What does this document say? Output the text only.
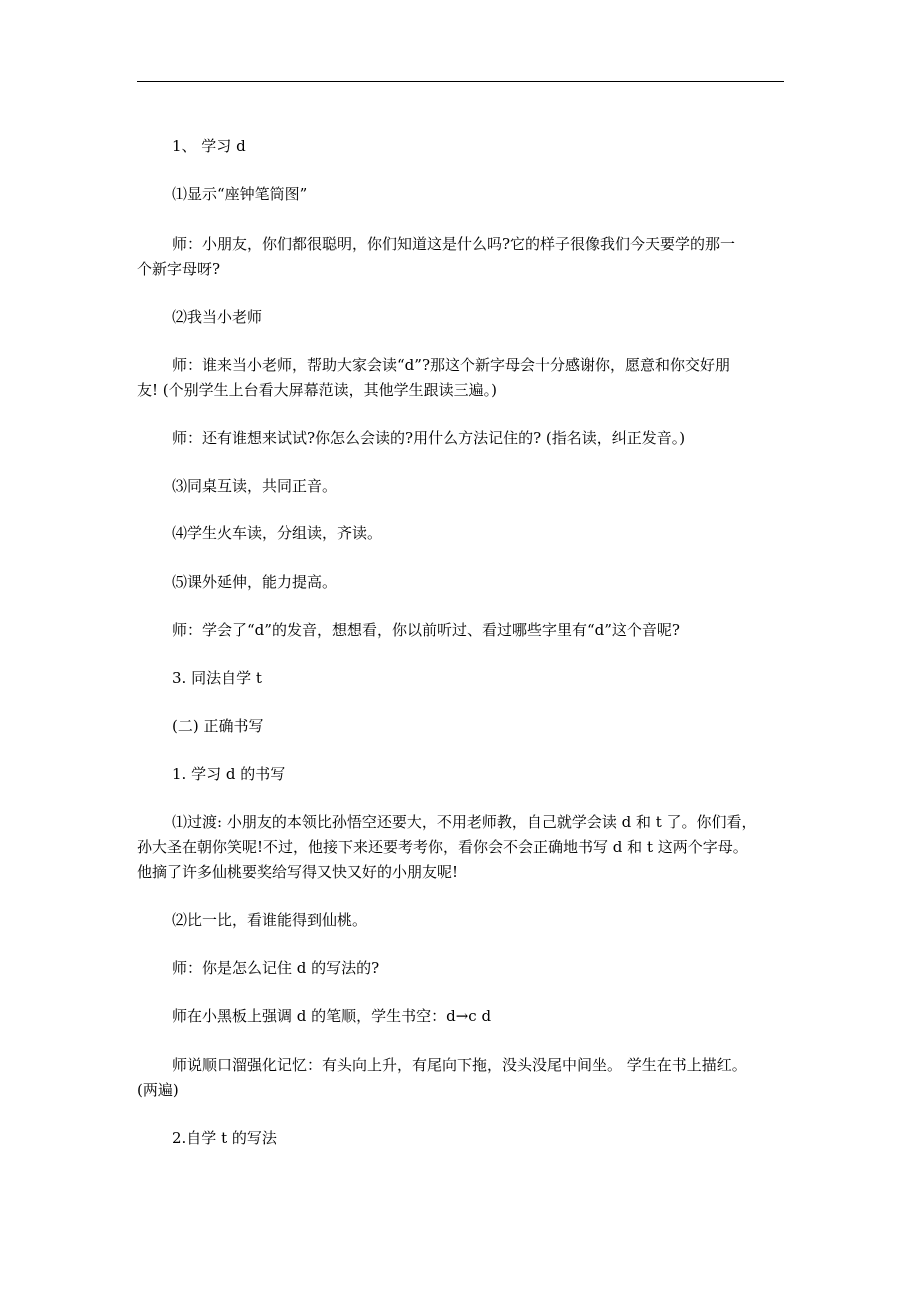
1、 学习 d

⑴显示“座钟笔筒图”

师：小朋友，你们都很聪明，你们知道这是什么吗?它的样子很像我们今天要学的那一
个新字母呀?

⑵我当小老师

师：谁来当小老师，帮助大家会读“d”?那这个新字母会十分感谢你，愿意和你交好朋
友! (个别学生上台看大屏幕范读，其他学生跟读三遍。)

师：还有谁想来试试?你怎么会读的?用什么方法记住的? (指名读，纠正发音。)

⑶同桌互读，共同正音。

⑷学生火车读，分组读，齐读。

⑸课外延伸，能力提高。

师：学会了“d”的发音，想想看，你以前听过、看过哪些字里有“d”这个音呢?

3. 同法自学 t

(二) 正确书写

1. 学习 d 的书写

⑴过渡: 小朋友的本领比孙悟空还要大，不用老师教，自己就学会读 d 和 t 了。你们看，
孙大圣在朝你笑呢!不过，他接下来还要考考你，看你会不会正确地书写 d 和 t 这两个字母。
他摘了许多仙桃要奖给写得又快又好的小朋友呢!

⑵比一比，看谁能得到仙桃。

师：你是怎么记住 d 的写法的?

师在小黑板上强调 d 的笔顺，学生书空：d→c d

师说顺口溜强化记忆：有头向上升，有尾向下拖，没头没尾中间坐。 学生在书上描红。
(两遍)

2.自学 t 的写法
